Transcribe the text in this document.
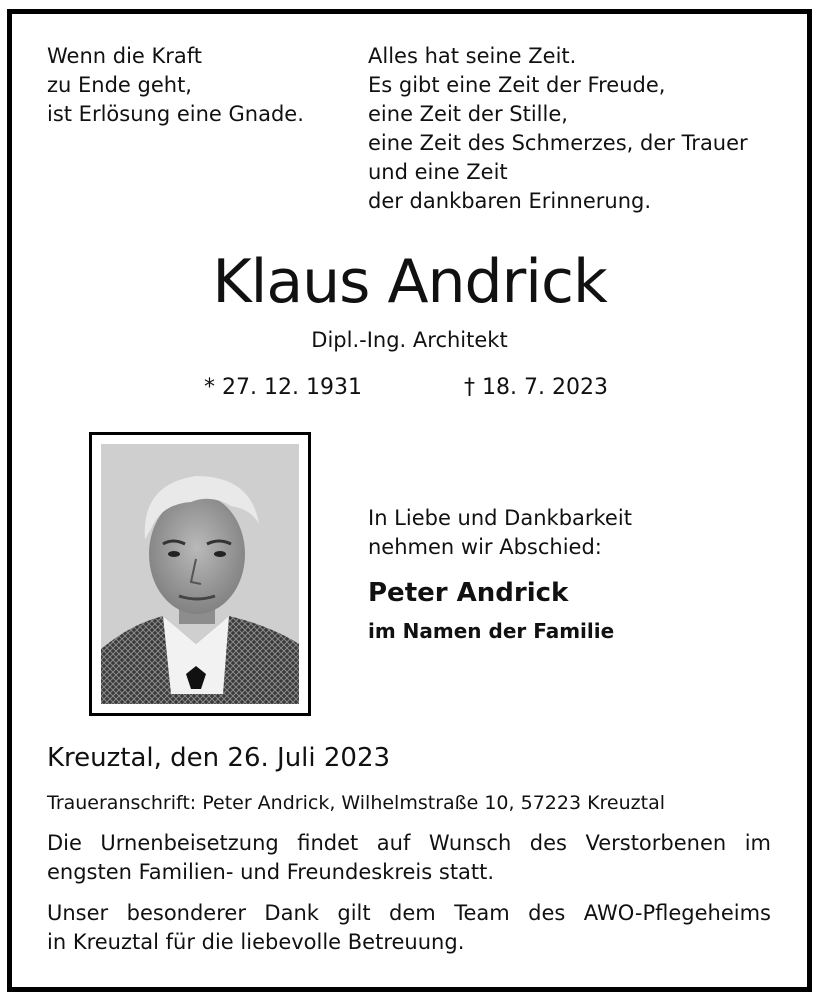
Wenn die Kraft
zu Ende geht,
ist Erlösung eine Gnade.
Alles hat seine Zeit.
Es gibt eine Zeit der Freude,
eine Zeit der Stille,
eine Zeit des Schmerzes, der Trauer
und eine Zeit
der dankbaren Erinnerung.
Klaus Andrick
Dipl.-Ing. Architekt
* 27. 12. 1931	† 18. 7. 2023
In Liebe und Dankbarkeit
nehmen wir Abschied:
Peter Andrick
im Namen der Familie
Kreuztal, den 26. Juli 2023
Traueranschrift: Peter Andrick, Wilhelmstraße 10, 57223 Kreuztal
Die Urnenbeisetzung findet auf Wunsch des Verstorbenen im
engsten Familien- und Freundeskreis statt.
Unser besonderer Dank gilt dem Team des AWO-Pflegeheims
in Kreuztal für die liebevolle Betreuung.
